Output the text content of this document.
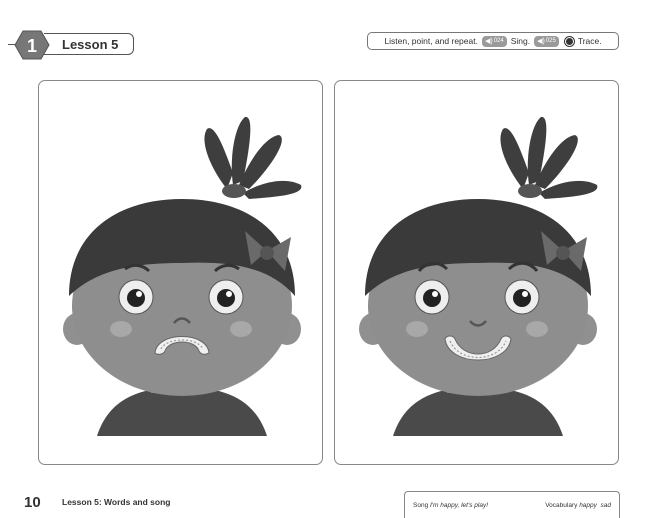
Lesson 5
1	Listen, point, and repeat. ◀) 024 Sing. ◀) 025	Trace.
10	Lesson 5: Words and song	Song I'm happy, let's play!	Vocabulary happy  sad
